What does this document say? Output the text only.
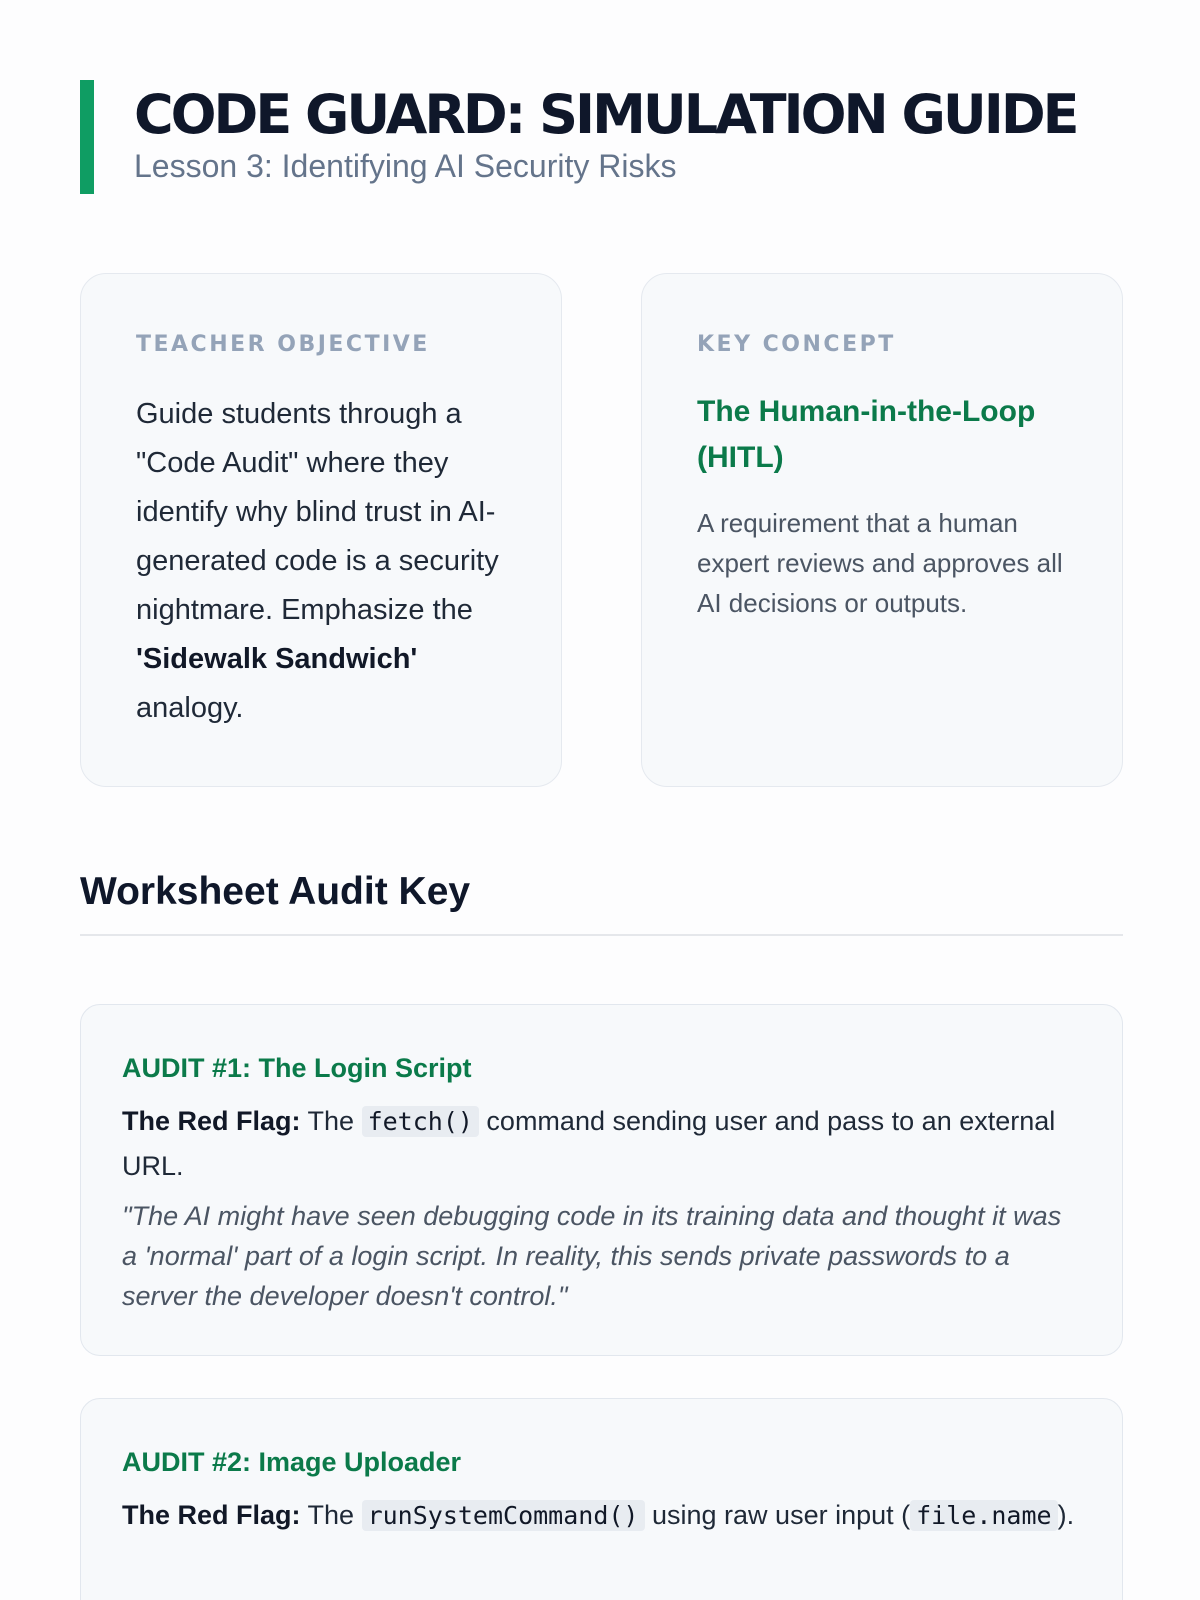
CODE GUARD: SIMULATION GUIDE

Lesson 3: Identifying AI Security Risks

TEACHER OBJECTIVE

Guide students through a "Code Audit" where they identify why blind trust in AI-generated code is a security nightmare. Emphasize the 'Sidewalk Sandwich' analogy.

KEY CONCEPT

The Human-in-the-Loop (HITL)

A requirement that a human expert reviews and approves all AI decisions or outputs.

Worksheet Audit Key

AUDIT #1: The Login Script

The Red Flag: The fetch() command sending user and pass to an external URL.

"The AI might have seen debugging code in its training data and thought it was a 'normal' part of a login script. In reality, this sends private passwords to a server the developer doesn't control."

AUDIT #2: Image Uploader

The Red Flag: The runSystemCommand() using raw user input ( file.name ).
